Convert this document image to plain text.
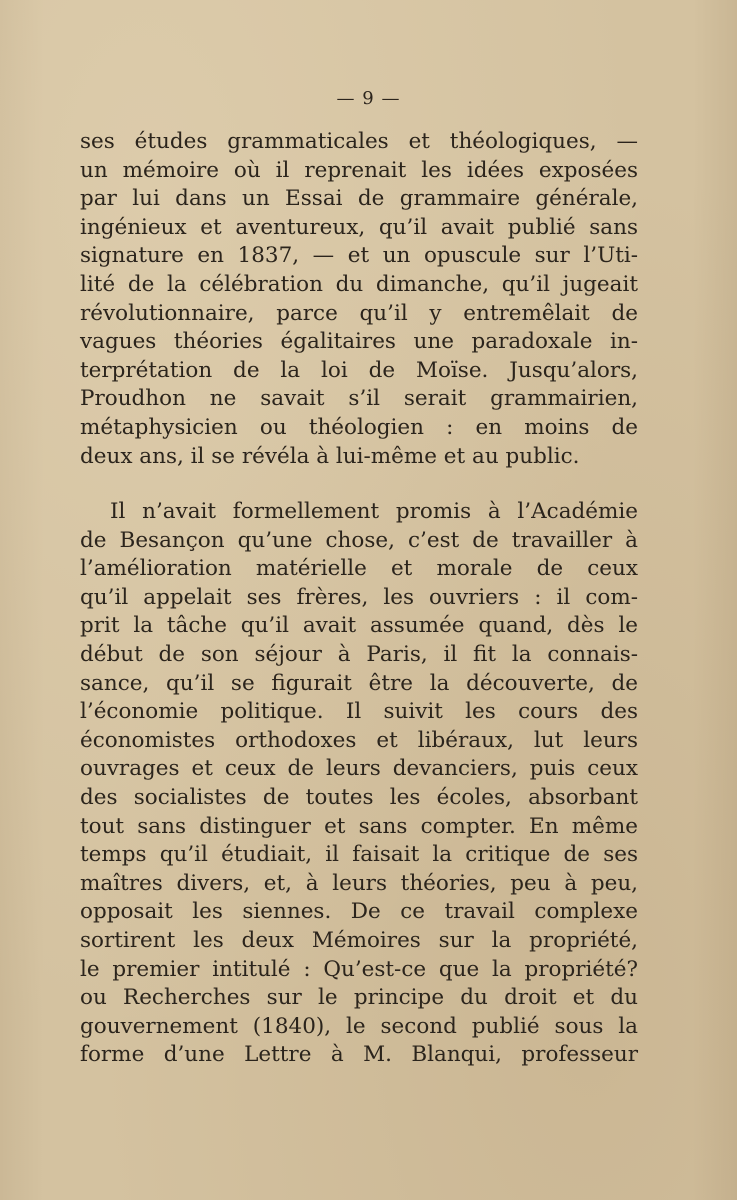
— 9 —
ses études grammaticales et théologiques, —
un mémoire où il reprenait les idées exposées
par lui dans un Essai de grammaire générale,
ingénieux et aventureux, qu’il avait publié sans
signature en 1837, — et un opuscule sur l’Uti-
lité de la célébration du dimanche, qu’il jugeait
révolutionnaire, parce qu’il y entremêlait de
vagues théories égalitaires une paradoxale in-
terprétation de la loi de Moïse. Jusqu’alors,
Proudhon ne savait s’il serait grammairien,
métaphysicien ou théologien : en moins de
deux ans, il se révéla à lui-même et au public.
Il n’avait formellement promis à l’Académie
de Besançon qu’une chose, c’est de travailler à
l’amélioration matérielle et morale de ceux
qu’il appelait ses frères, les ouvriers : il com-
prit la tâche qu’il avait assumée quand, dès le
début de son séjour à Paris, il fit la connais-
sance, qu’il se figurait être la découverte, de
l’économie politique. Il suivit les cours des
économistes orthodoxes et libéraux, lut leurs
ouvrages et ceux de leurs devanciers, puis ceux
des socialistes de toutes les écoles, absorbant
tout sans distinguer et sans compter. En même
temps qu’il étudiait, il faisait la critique de ses
maîtres divers, et, à leurs théories, peu à peu,
opposait les siennes. De ce travail complexe
sortirent les deux Mémoires sur la propriété,
le premier intitulé : Qu’est-ce que la propriété?
ou Recherches sur le principe du droit et du
gouvernement (1840), le second publié sous la
forme d’une Lettre à M. Blanqui, professeur
